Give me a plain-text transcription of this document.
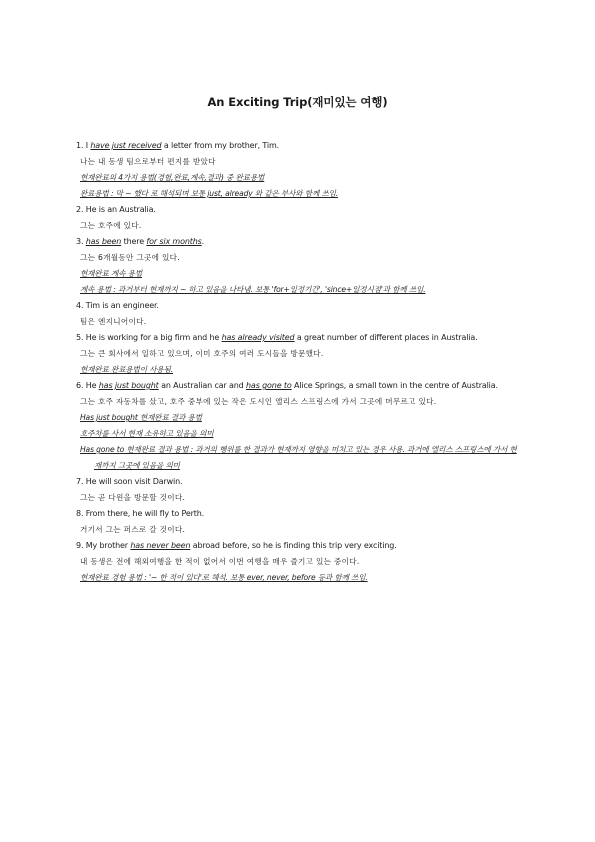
An Exciting Trip(재미있는 여행)
1. I have just received a letter from my brother, Tim.
나는 내 동생 팀으로부터 편지를 받았다
현재완료의 4가지 용법(경험,완료,계속,결과) 중 완료용법
완료용법 : 막 ~ 했다 로 해석되며 보통 just, already 와 같은 부사와 함께 쓰임.
2. He is an Australia.
그는 호주에 있다.
3. has been there for six months.
그는 6개월동안 그곳에 있다.
현재완료 계속 용법
계속 용법 : 과거부터 현재까지 ~ 하고 있음을 나타냄. 보통 'for+일정기간', 'since+일정시점'과 함께 쓰임.
4. Tim is an engineer.
팀은 엔지니어이다.
5. He is working for a big firm and he has already visited a great number of different places in Australia.
그는 큰 회사에서 일하고 있으며, 이미 호주의 여러 도시들을 방문했다.
현재완료 완료용법이 사용됨.
6. He has just bought an Australian car and has gone to Alice Springs, a small town in the centre of Australia.
그는 호주 자동차를 샀고, 호주 중부에 있는 작은 도시인 앨리스 스프링스에 가서 그곳에 머무르고 있다.
Has just bought 현재완료 결과 용법
호주차를 사서 현재 소유하고 있음을 의미
Has gone to 현재완료 결과 용법 : 과거의 행위를 한 결과가 현재까지 영향을 미치고 있는 경우 사용. 과거에 앨리스 스프링스에 가서 현재까지 그곳에 있음을 의미
7. He will soon visit Darwin.
그는 곧 다윈을 방문할 것이다.
8. From there, he will fly to Perth.
거기서 그는 퍼스로 갈 것이다.
9. My brother has never been abroad before, so he is finding this trip very exciting.
내 동생은 전에 해외여행을 한 적이 없어서 이번 여행을 매우 즐기고 있는 중이다.
현재완료 경험 용법 : '~ 한 적이 있다'로 해석. 보통 ever, never, before 등과 함께 쓰임.
